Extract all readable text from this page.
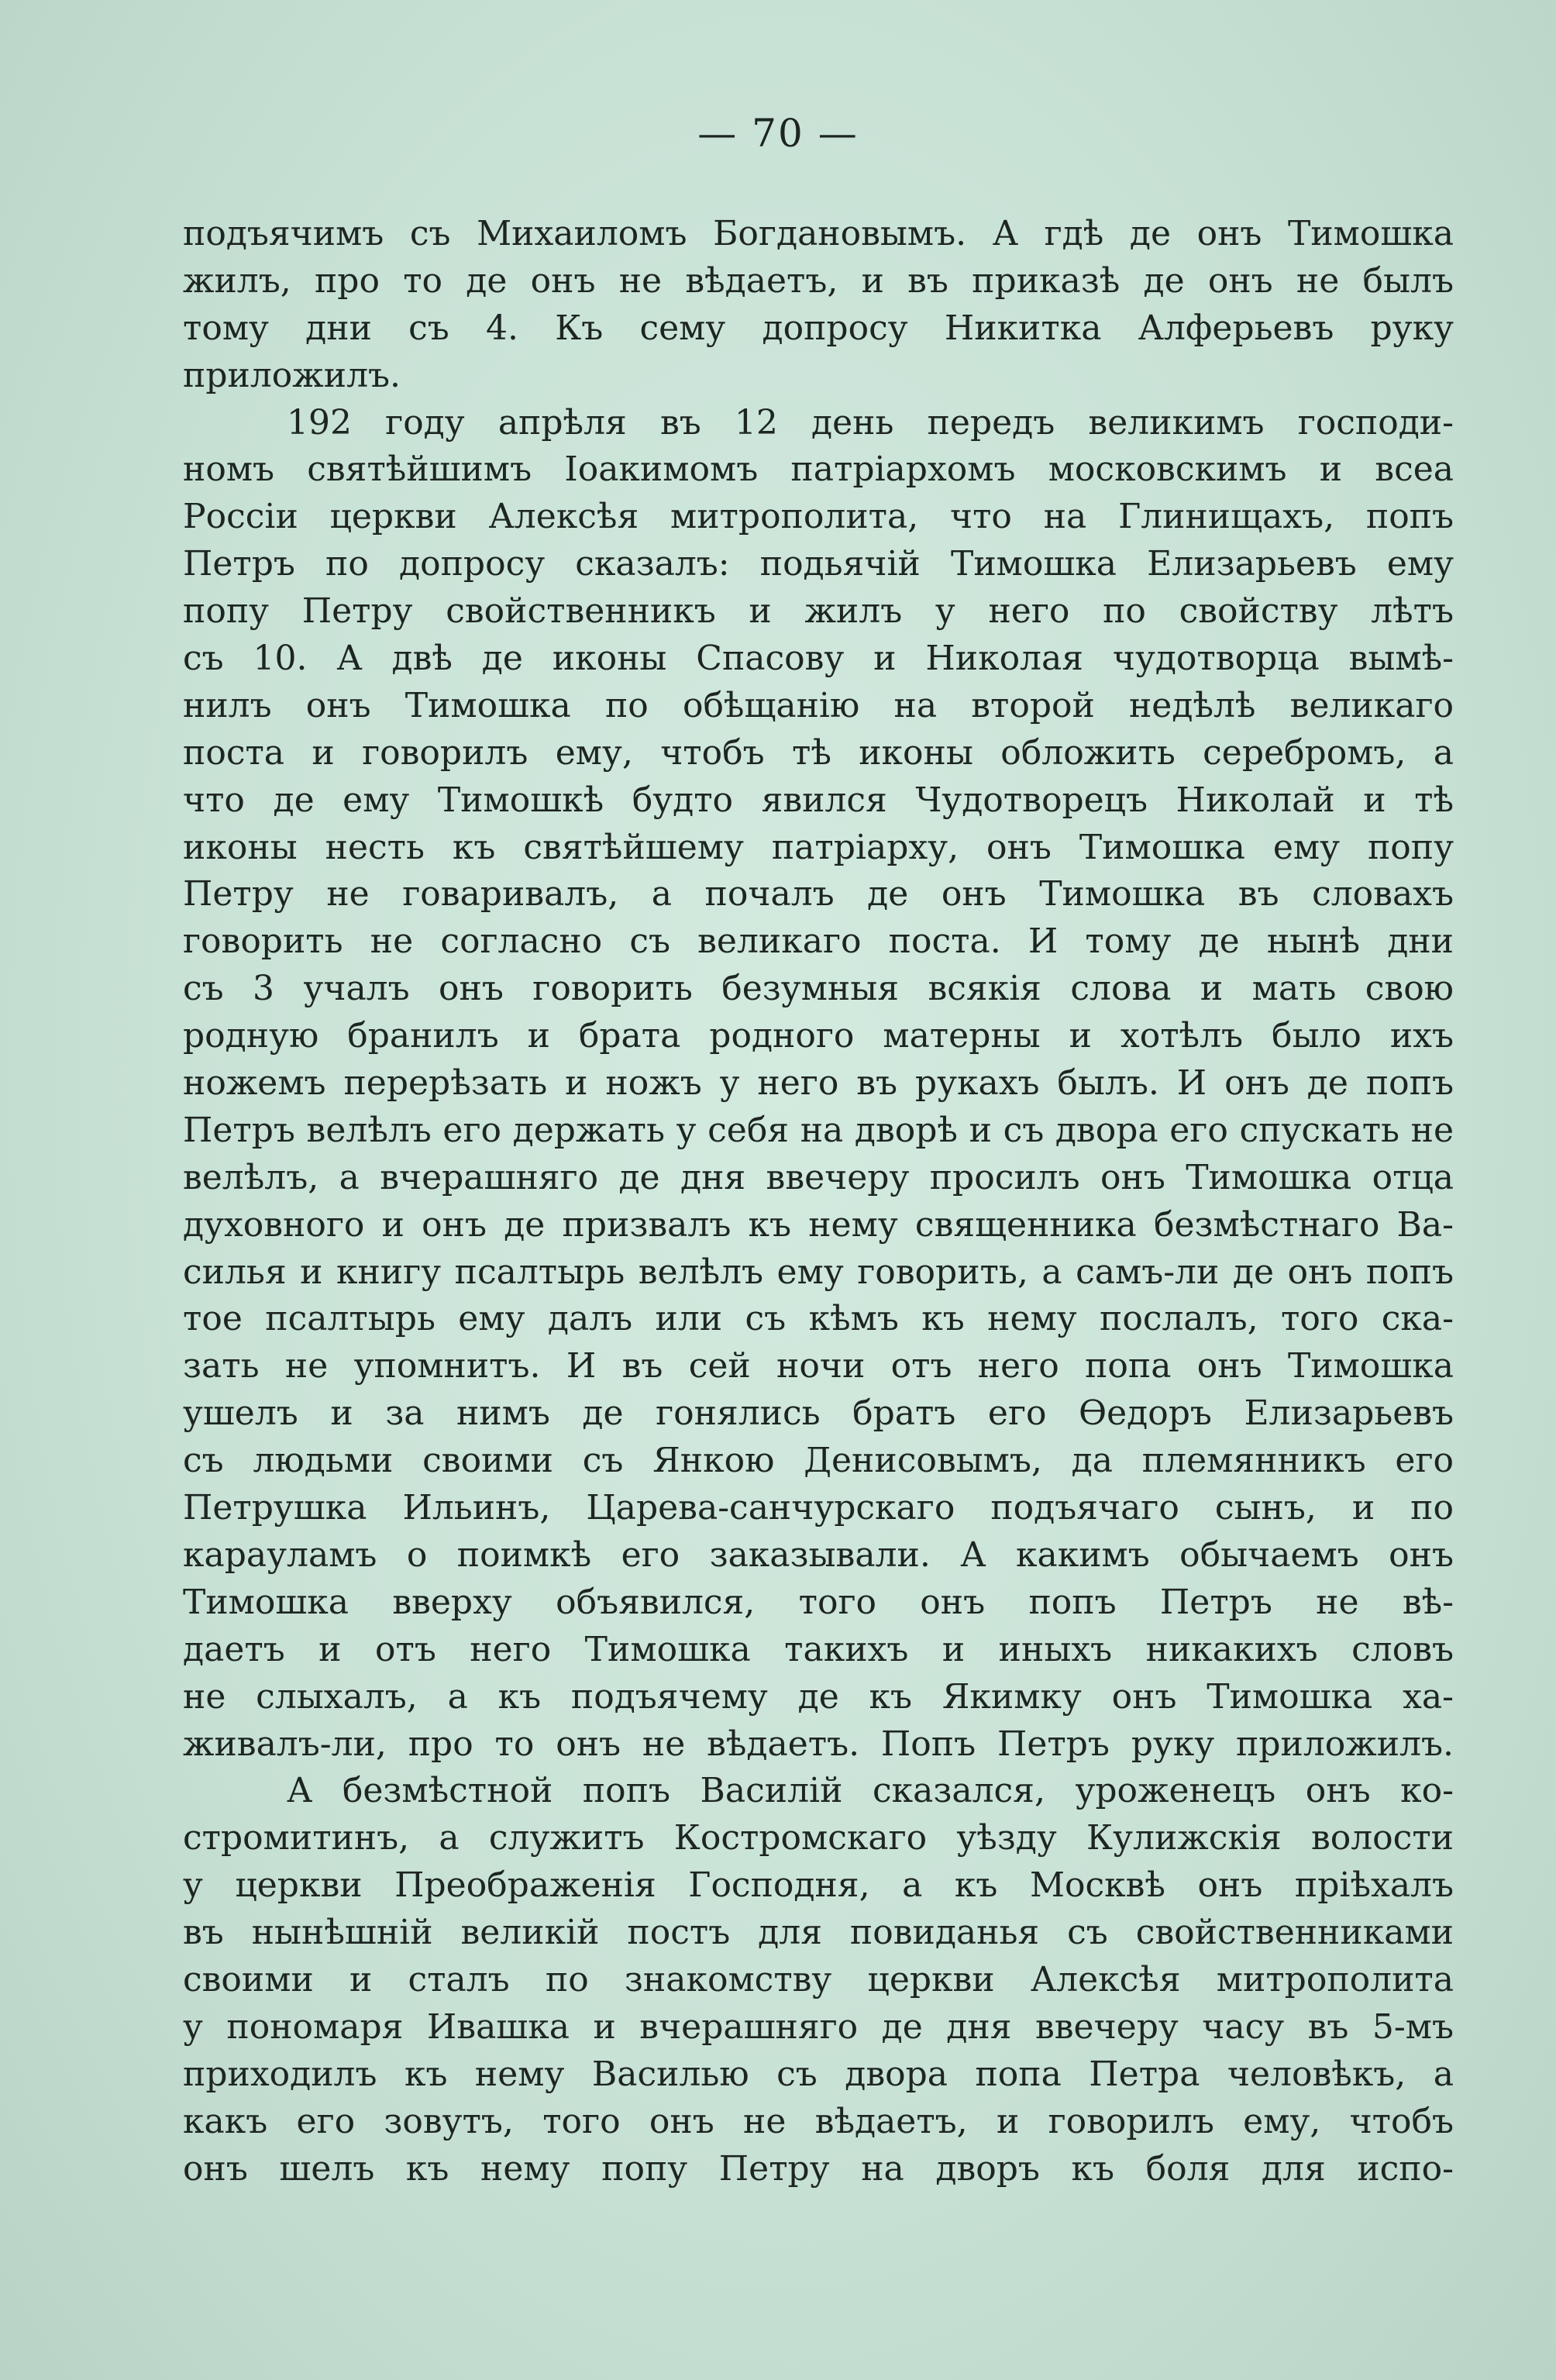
— 70 —
подъячимъ съ Михаиломъ Богдановымъ. А гдѣ де онъ Тимошка
жилъ, про то де онъ не вѣдаетъ, и въ приказѣ де онъ не былъ
тому дни съ 4. Къ сему допросу Никитка Алферьевъ руку
приложилъ.
192 году апрѣля въ 12 день передъ великимъ господи-
номъ святѣйшимъ Іоакимомъ патріархомъ московскимъ и всеа
Россіи церкви Алексѣя митрополита, что на Глинищахъ, попъ
Петръ по допросу сказалъ: подьячій Тимошка Елизарьевъ ему
попу Петру свойственникъ и жилъ у него по свойству лѣтъ
съ 10. А двѣ де иконы Спасову и Николая чудотворца вымѣ-
нилъ онъ Тимошка по обѣщанію на второй недѣлѣ великаго
поста и говорилъ ему, чтобъ тѣ иконы обложить серебромъ, а
что де ему Тимошкѣ будто явился Чудотворецъ Николай и тѣ
иконы несть къ святѣйшему патріарху, онъ Тимошка ему попу
Петру не говаривалъ, а почалъ де онъ Тимошка въ словахъ
говорить не согласно съ великаго поста. И тому де нынѣ дни
съ 3 учалъ онъ говорить безумныя всякія слова и мать свою
родную бранилъ и брата родного матерны и хотѣлъ было ихъ
ножемъ перерѣзать и ножъ у него въ рукахъ былъ. И онъ де попъ
Петръ велѣлъ его держать у себя на дворѣ и съ двора его спускать не
велѣлъ, а вчерашняго де дня ввечеру просилъ онъ Тимошка отца
духовного и онъ де призвалъ къ нему священника безмѣстнаго Ва-
силья и книгу псалтырь велѣлъ ему говорить, а самъ-ли де онъ попъ
тое псалтырь ему далъ или съ кѣмъ къ нему послалъ, того ска-
зать не упомнитъ. И въ сей ночи отъ него попа онъ Тимошка
ушелъ и за нимъ де гонялись братъ его Ѳедоръ Елизарьевъ
съ людьми своими съ Янкою Денисовымъ, да племянникъ его
Петрушка Ильинъ, Царева-санчурскаго подъячаго сынъ, и по
карауламъ о поимкѣ его заказывали. А какимъ обычаемъ онъ
Тимошка вверху объявился, того онъ попъ Петръ не вѣ-
даетъ и отъ него Тимошка такихъ и иныхъ никакихъ словъ
не слыхалъ, а къ подъячему де къ Якимку онъ Тимошка ха-
живалъ-ли, про то онъ не вѣдаетъ. Попъ Петръ руку приложилъ.
А безмѣстной попъ Василій сказался, уроженецъ онъ ко-
стромитинъ, а служитъ Костромскаго уѣзду Кулижскія волости
у церкви Преображенія Господня, а къ Москвѣ онъ пріѣхалъ
въ нынѣшній великій постъ для повиданья съ свойственниками
своими и сталъ по знакомству церкви Алексѣя митрополита
у пономаря Ивашка и вчерашняго де дня ввечеру часу въ 5-мъ
приходилъ къ нему Василью съ двора попа Петра человѣкъ, а
какъ его зовутъ, того онъ не вѣдаетъ, и говорилъ ему, чтобъ
онъ шелъ къ нему попу Петру на дворъ къ боля для испо-
